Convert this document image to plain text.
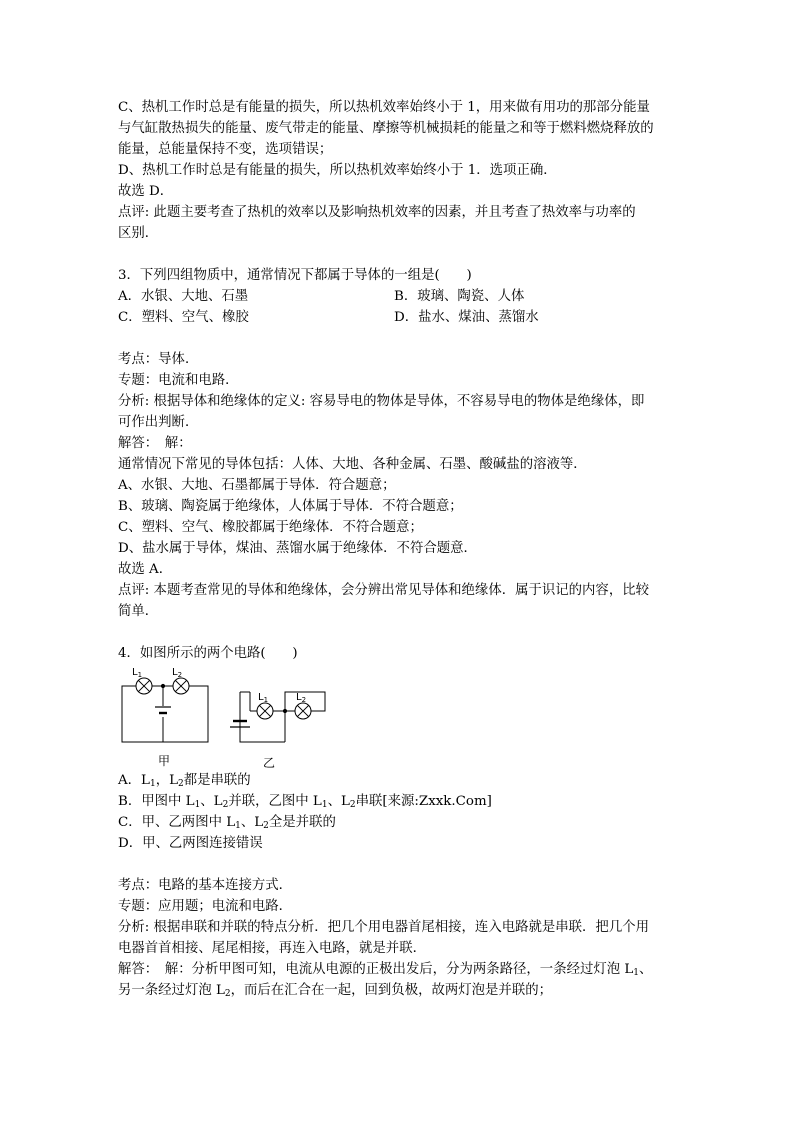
C、热机工作时总是有能量的损失，所以热机效率始终小于 1，用来做有用功的那部分能量
与气缸散热损失的能量、废气带走的能量、摩擦等机械损耗的能量之和等于燃料燃烧释放的
能量，总能量保持不变，选项错误；
D、热机工作时总是有能量的损失，所以热机效率始终小于 1．选项正确．
故选 D．
点评: 此题主要考查了热机的效率以及影响热机效率的因素，并且考查了热效率与功率的
区别．
3．下列四组物质中，通常情况下都属于导体的一组是(　　)
A．水银、大地、石墨	B．玻璃、陶瓷、人体
C．塑料、空气、橡胶	D．盐水、煤油、蒸馏水
考点：导体．
专题：电流和电路．
分析: 根据导体和绝缘体的定义: 容易导电的物体是导体，不容易导电的物体是绝缘体，即
可作出判断．
解答：　解：
通常情况下常见的导体包括：人体、大地、各种金属、石墨、酸碱盐的溶液等．
A、水银、大地、石墨都属于导体．符合题意；
B、玻璃、陶瓷属于绝缘体，人体属于导体．不符合题意；
C、塑料、空气、橡胶都属于绝缘体．不符合题意；
D、盐水属于导体，煤油、蒸馏水属于绝缘体．不符合题意．
故选 A．
点评: 本题考查常见的导体和绝缘体，会分辨出常见导体和绝缘体．属于识记的内容，比较
简单．
4．如图所示的两个电路(　　)
$L_1$	$L_2$
甲
$L_1$	$L_2$
乙
A．$L_1$，$L_2$都是串联的
B．甲图中 $L_1$、$L_2$并联，乙图中 $L_1$、$L_2$串联[来源:Zxxk.Com]
C．甲、乙两图中 $L_1$、$L_2$全是并联的
D．甲、乙两图连接错误
考点：电路的基本连接方式．
专题：应用题；电流和电路．
分析: 根据串联和并联的特点分析．把几个用电器首尾相接，连入电路就是串联．把几个用
电器首首相接、尾尾相接，再连入电路，就是并联．
解答：　解：分析甲图可知，电流从电源的正极出发后，分为两条路径，一条经过灯泡 $L_1$、
另一条经过灯泡 $L_2$，而后在汇合在一起，回到负极，故两灯泡是并联的；
